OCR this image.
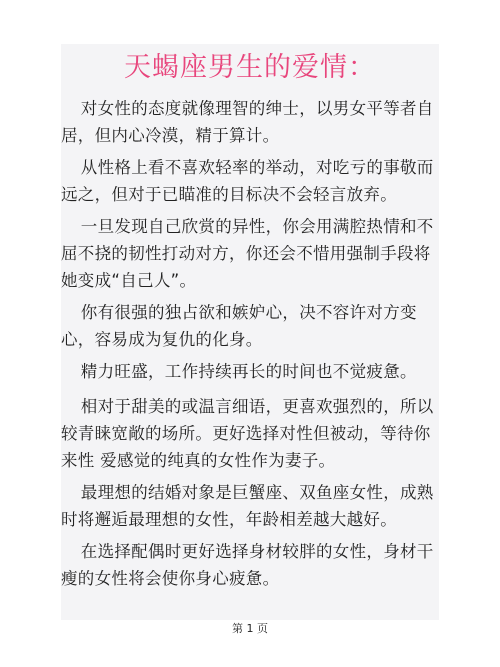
天蝎座男生的爱情：

对女性的态度就像理智的绅士，以男女平等者自居，但内心冷漠，精于算计。

从性格上看不喜欢轻率的举动，对吃亏的事敬而远之，但对于已瞄准的目标决不会轻言放弃。

一旦发现自己欣赏的异性，你会用满腔热情和不屈不挠的韧性打动对方，你还会不惜用强制手段将她变成“自己人”。

你有很强的独占欲和嫉妒心，决不容许对方变心，容易成为复仇的化身。

精力旺盛，工作持续再长的时间也不觉疲惫。

相对于甜美的或温言细语，更喜欢强烈的，所以较青睐宽敞的场所。更好选择对性但被动，等待你来性 爱感觉的纯真的女性作为妻子。

最理想的结婚对象是巨蟹座、双鱼座女性，成熟时将邂逅最理想的女性，年龄相差越大越好。

在选择配偶时更好选择身材较胖的女性，身材干瘦的女性将会使你身心疲惫。

第 1 页
